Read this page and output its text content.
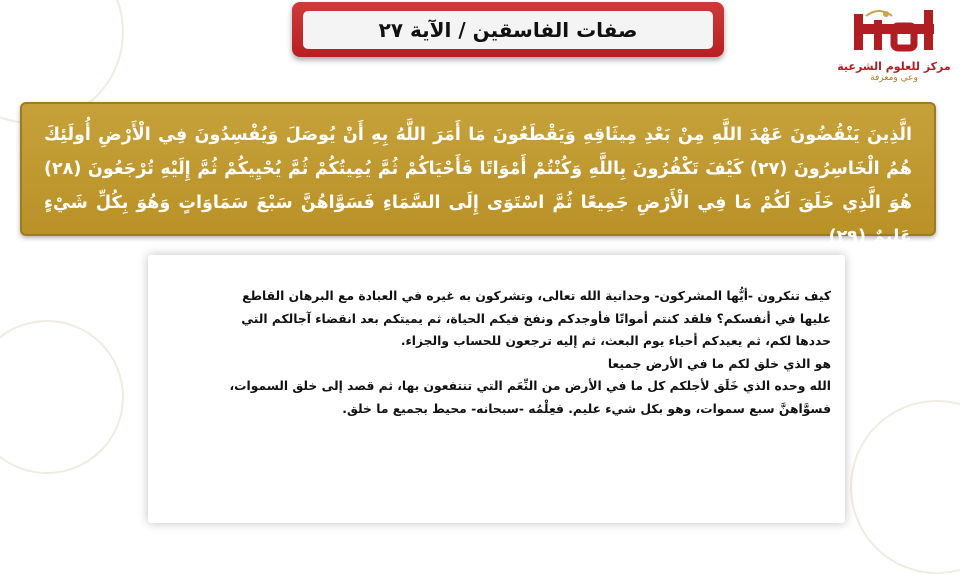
صفات الفاسقين / الآية ٢٧
مركز للعلوم الشرعية
وعي ومعرفة
الَّذِينَ يَنْقُضُونَ عَهْدَ اللَّهِ مِنْ بَعْدِ مِيثَاقِهِ وَيَقْطَعُونَ مَا أَمَرَ اللَّهُ بِهِ أَنْ يُوصَلَ وَيُفْسِدُونَ فِي الْأَرْضِ أُولَئِكَ هُمُ الْخَاسِرُونَ (٢٧) كَيْفَ تَكْفُرُونَ بِاللَّهِ وَكُنْتُمْ أَمْوَاتًا فَأَحْيَاكُمْ ثُمَّ يُمِيتُكُمْ ثُمَّ يُحْيِيكُمْ ثُمَّ إِلَيْهِ تُرْجَعُونَ (٢٨) هُوَ الَّذِي خَلَقَ لَكُمْ مَا فِي الْأَرْضِ جَمِيعًا ثُمَّ اسْتَوَى إِلَى السَّمَاءِ فَسَوَّاهُنَّ سَبْعَ سَمَاوَاتٍ وَهُوَ بِكُلِّ شَيْءٍ عَلِيمٌ (٢٩)

كيف تنكرون -أيُّها المشركون- وحدانية الله تعالى، وتشركون به غيره في العبادة مع البرهان القاطع عليها في أنفسكم؟ فلقد كنتم أمواتًا فأوجدكم ونفخ فيكم الحياة، ثم يميتكم بعد انقضاء آجالكم التي حددها لكم، ثم يعيدكم أحياء يوم البعث، ثم إليه ترجعون للحساب والجزاء.

هو الذي خلق لكم ما في الأرض جميعا

الله وحده الذي خَلَق لأجلكم كل ما في الأرض من النِّعَم التي تنتفعون بها، ثم قصد إلى خلق السموات، فسوَّاهنَّ سبع سموات، وهو بكل شيء عليم. فعِلْمُه -سبحانه- محيط بجميع ما خلق.
